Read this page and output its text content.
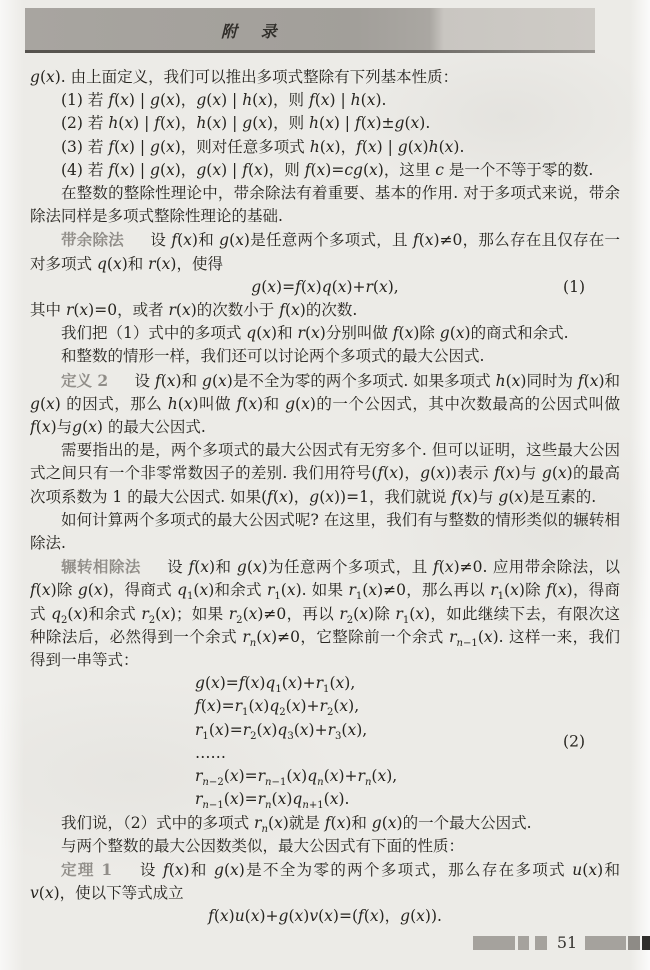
附 录

g(x). 由上面定义，我们可以推出多项式整除有下列基本性质：

(1) 若 f(x) | g(x)，g(x) | h(x)，则 f(x) | h(x).

(2) 若 h(x) | f(x)，h(x) | g(x)，则 h(x) | f(x)±g(x).

(3) 若 f(x) | g(x)，则对任意多项式 h(x)，f(x) | g(x)h(x).

(4) 若 f(x) | g(x)，g(x) | f(x)，则 f(x)=cg(x)，这里 c 是一个不等于零的数.

在整数的整除性理论中，带余除法有着重要、基本的作用. 对于多项式来说，带余除法同样是多项式整除性理论的基础.

带余除法 设 f(x)和 g(x)是任意两个多项式，且 f(x)≠0，那么存在且仅存在一对多项式 q(x)和 r(x)，使得

g(x)=f(x)q(x)+r(x),	(1)

其中 r(x)=0，或者 r(x)的次数小于 f(x)的次数.

我们把（1）式中的多项式 q(x)和 r(x)分别叫做 f(x)除 g(x)的商式和余式.

和整数的情形一样，我们还可以讨论两个多项式的最大公因式.

定义 2 设 f(x)和 g(x)是不全为零的两个多项式. 如果多项式 h(x)同时为 f(x)和g(x) 的因式，那么 h(x)叫做 f(x)和 g(x)的一个公因式，其中次数最高的公因式叫做 f(x)与g(x) 的最大公因式.

需要指出的是，两个多项式的最大公因式有无穷多个. 但可以证明，这些最大公因式之间只有一个非零常数因子的差别. 我们用符号(f(x)，g(x))表示 f(x)与 g(x)的最高次项系数为 1 的最大公因式. 如果(f(x)，g(x))=1，我们就说 f(x)与 g(x)是互素的.

如何计算两个多项式的最大公因式呢? 在这里，我们有与整数的情形类似的辗转相除法.

辗转相除法 设 f(x)和 g(x)为任意两个多项式，且 f(x)≠0. 应用带余除法，以 f(x)除 g(x)，得商式 $q_1(x)$和余式 $r_1(x)$. 如果 $r_1(x)\ne 0$，那么再以 $r_1(x)$除 f(x)，得商式 $q_2(x)$和余式 $r_2(x)$；如果 $r_2(x)\ne 0$，再以 $r_2(x)$除 $r_1(x)$，如此继续下去，有限次这种除法后，必然得到一个余式 $r_n(x)\ne 0$，它整除前一个余式 $r_{n-1}(x)$. 这样一来，我们得到一串等式：

$g(x)=f(x)q_1(x)+r_1(x)$,
$f(x)=r_1(x)q_2(x)+r_2(x)$,
$r_1(x)=r_2(x)q_3(x)+r_3(x)$,
……
$r_{n-2}(x)=r_{n-1}(x)q_n(x)+r_n(x)$,
$r_{n-1}(x)=r_n(x)q_{n+1}(x)$.
(2)

我们说，（2）式中的多项式 $r_n(x)$就是 f(x)和 g(x)的一个最大公因式.

与两个整数的最大公因数类似，最大公因式有下面的性质：

定理 1 设 f(x)和 g(x)是不全为零的两个多项式，那么存在多项式 u(x)和 v(x)，使以下等式成立

f(x)u(x)+g(x)v(x)=(f(x)，g(x)).
51
